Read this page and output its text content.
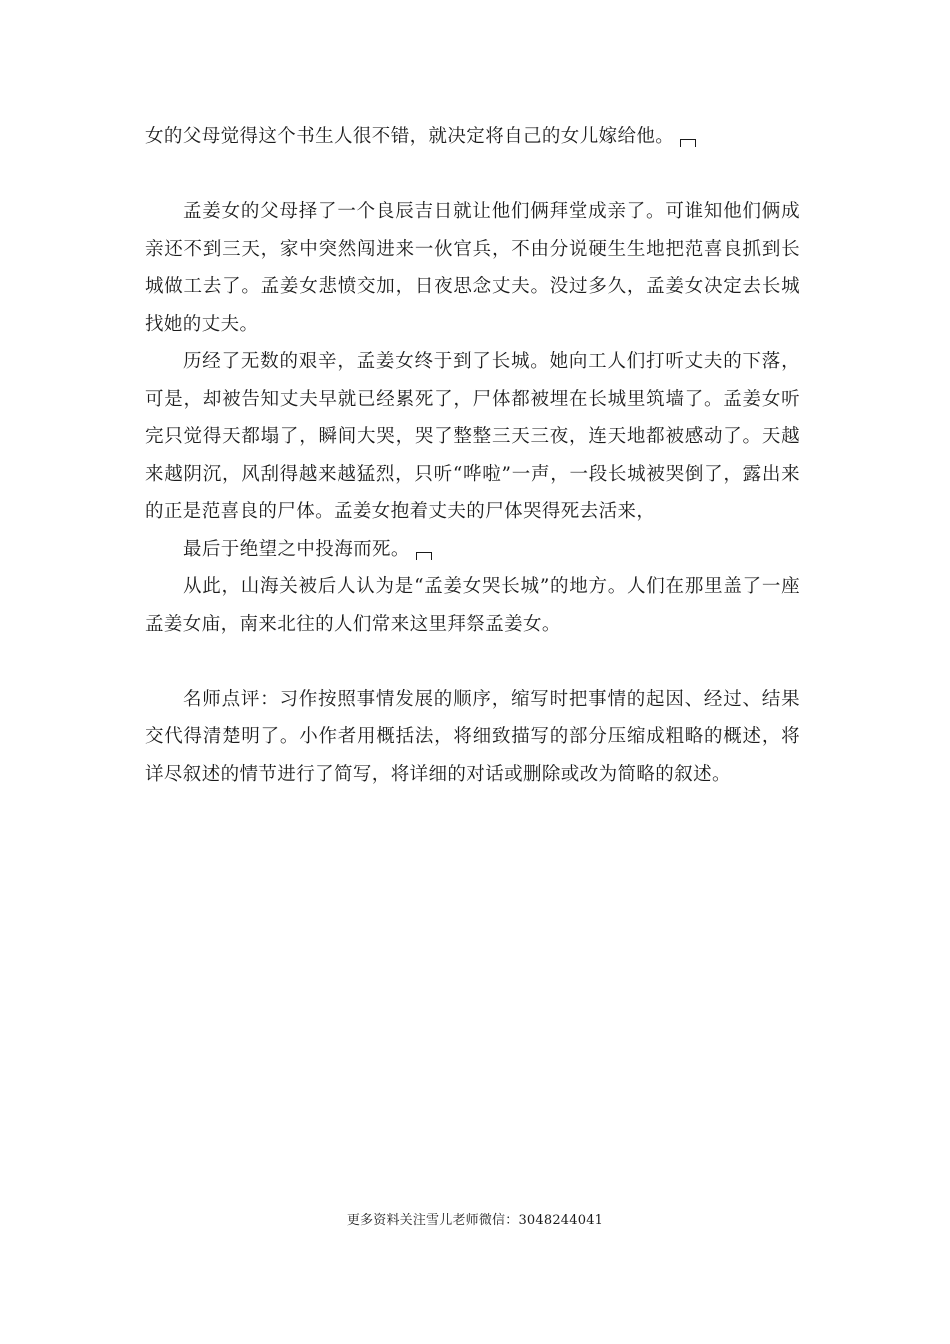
女的父母觉得这个书生人很不错，就决定将自己的女儿嫁给他。

孟姜女的父母择了一个良辰吉日就让他们俩拜堂成亲了。可谁知他们俩成亲还不到三天，家中突然闯进来一伙官兵，不由分说硬生生地把范喜良抓到长城做工去了。孟姜女悲愤交加，日夜思念丈夫。没过多久，孟姜女决定去长城找她的丈夫。

历经了无数的艰辛，孟姜女终于到了长城。她向工人们打听丈夫的下落，可是，却被告知丈夫早就已经累死了，尸体都被埋在长城里筑墙了。孟姜女听完只觉得天都塌了，瞬间大哭，哭了整整三天三夜，连天地都被感动了。天越来越阴沉，风刮得越来越猛烈，只听“哗啦”一声，一段长城被哭倒了，露出来的正是范喜良的尸体。孟姜女抱着丈夫的尸体哭得死去活来，

最后于绝望之中投海而死。

从此，山海关被后人认为是“孟姜女哭长城”的地方。人们在那里盖了一座孟姜女庙，南来北往的人们常来这里拜祭孟姜女。

名师点评：习作按照事情发展的顺序，缩写时把事情的起因、经过、结果交代得清楚明了。小作者用概括法，将细致描写的部分压缩成粗略的概述，将详尽叙述的情节进行了简写，将详细的对话或删除或改为简略的叙述。

更多资料关注雪儿老师微信：3048244041
